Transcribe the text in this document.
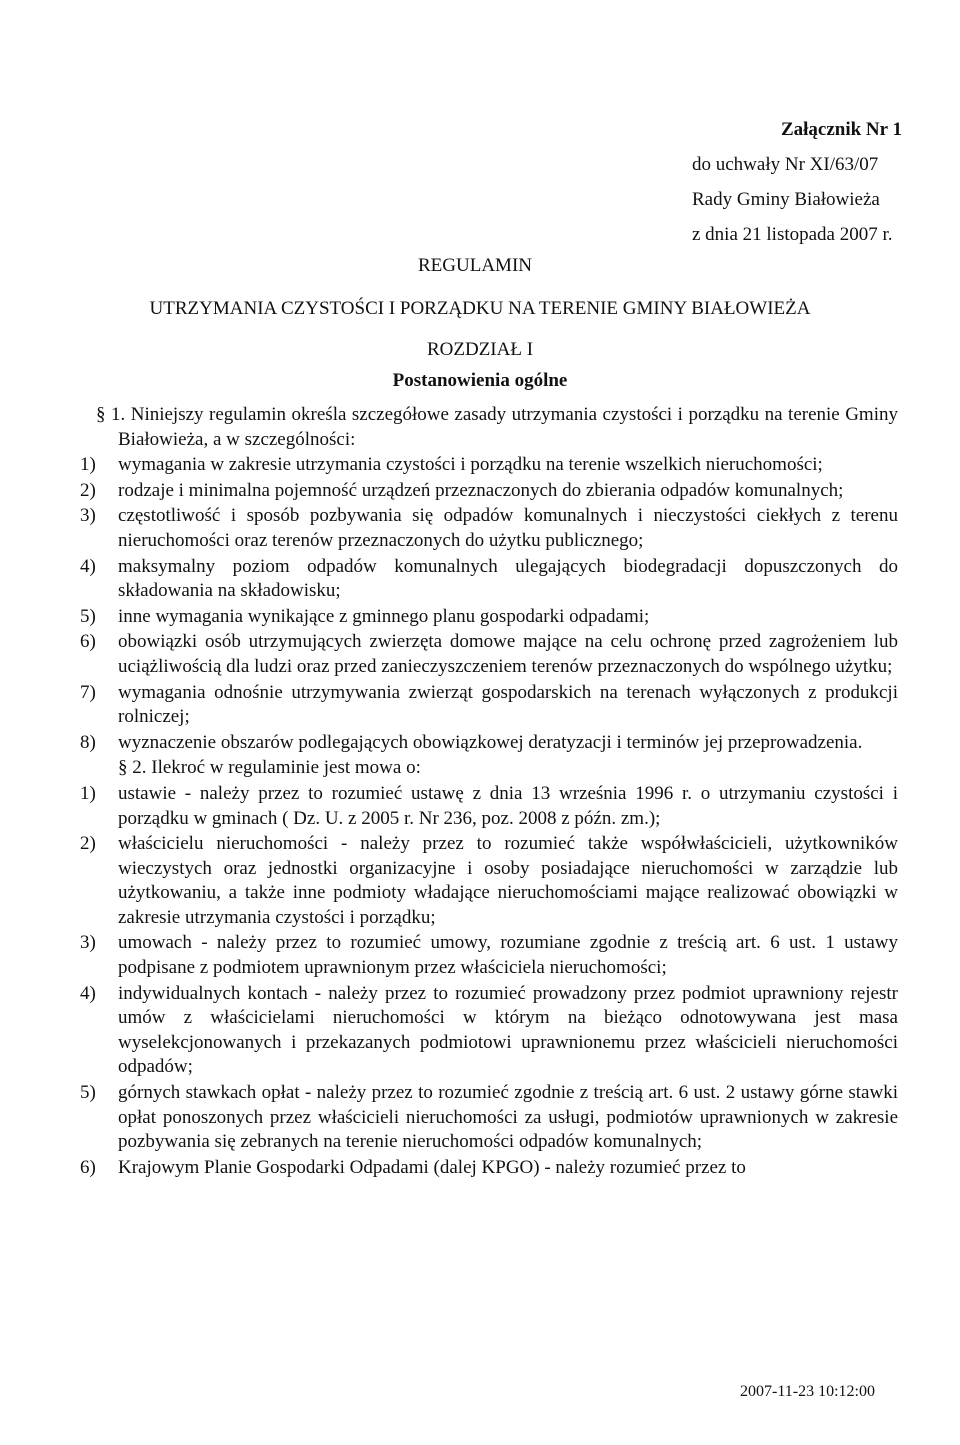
Załącznik Nr 1
do uchwały Nr XI/63/07
Rady Gminy Białowieża
z dnia 21 listopada 2007 r.
REGULAMIN
UTRZYMANIA CZYSTOŚCI I PORZĄDKU NA TERENIE GMINY BIAŁOWIEŻA
ROZDZIAŁ I
Postanowienia ogólne

§ 1. Niniejszy regulamin określa szczegółowe zasady utrzymania czystości i porządku na terenie Gminy Białowieża, a w szczególności:

1)	wymagania w zakresie utrzymania czystości i porządku na terenie wszelkich nieruchomości;
2)	rodzaje i minimalna pojemność urządzeń przeznaczonych do zbierania odpadów komunalnych;
3)	częstotliwość i sposób pozbywania się odpadów komunalnych i nieczystości ciekłych z terenu nieruchomości oraz terenów przeznaczonych do użytku publicznego;
4)	maksymalny poziom odpadów komunalnych ulegających biodegradacji dopuszczonych do składowania na składowisku;
5)	inne wymagania wynikające z gminnego planu gospodarki odpadami;
6)	obowiązki osób utrzymujących zwierzęta domowe mające na celu ochronę przed zagrożeniem lub uciążliwością dla ludzi oraz przed zanieczyszczeniem terenów przeznaczonych do wspólnego użytku;
7)	wymagania odnośnie utrzymywania zwierząt gospodarskich na terenach wyłączonych z produkcji rolniczej;
8)	wyznaczenie obszarów podlegających obowiązkowej deratyzacji i terminów jej przeprowadzenia.

§ 2. Ilekroć w regulaminie jest mowa o:

1)	ustawie - należy przez to rozumieć ustawę z dnia 13 września 1996 r. o utrzymaniu czystości i porządku w gminach ( Dz. U. z 2005 r. Nr 236, poz. 2008 z późn. zm.);
2)	właścicielu nieruchomości - należy przez to rozumieć także współwłaścicieli, użytkowników wieczystych oraz jednostki organizacyjne i osoby posiadające nieruchomości w zarządzie lub użytkowaniu, a także inne podmioty władające nieruchomościami mające realizować obowiązki w zakresie utrzymania czystości i porządku;
3)	umowach - należy przez to rozumieć umowy, rozumiane zgodnie z treścią art. 6 ust. 1 ustawy podpisane z podmiotem uprawnionym przez właściciela nieruchomości;
4)	indywidualnych kontach - należy przez to rozumieć prowadzony przez podmiot uprawniony rejestr umów z właścicielami nieruchomości w którym na bieżąco odnotowywana jest masa wyselekcjonowanych i przekazanych podmiotowi uprawnionemu przez właścicieli nieruchomości odpadów;
5)	górnych stawkach opłat - należy przez to rozumieć zgodnie z treścią art. 6 ust. 2 ustawy górne stawki opłat ponoszonych przez właścicieli nieruchomości za usługi, podmiotów uprawnionych w zakresie pozbywania się zebranych na terenie nieruchomości odpadów komunalnych;
6)	Krajowym Planie Gospodarki Odpadami (dalej KPGO) - należy rozumieć przez to
2007-11-23 10:12:00
